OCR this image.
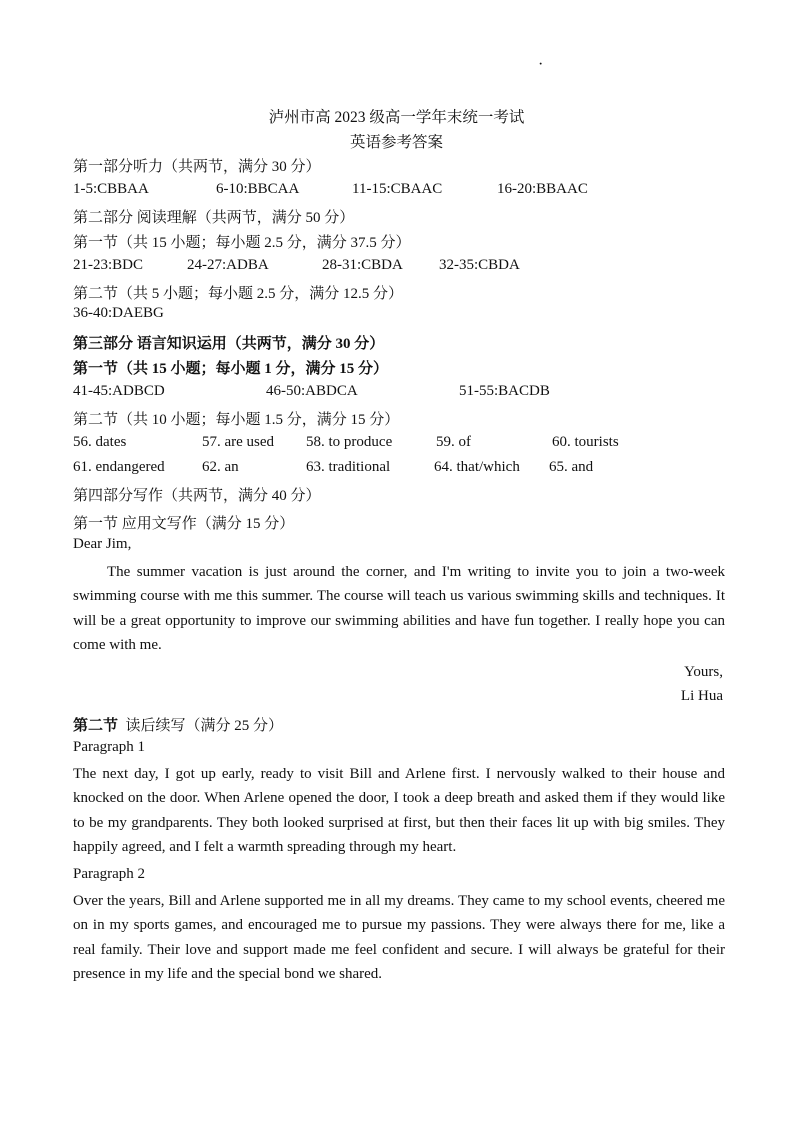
·
泸州市高 2023 级高一学年末统一考试
英语参考答案
第一部分听力（共两节，满分 30 分）
1-5:CBBAA	6-10:BBCAA	11-15:CBAAC	16-20:BBAAC
第二部分 阅读理解（共两节，满分 50 分）
第一节（共 15 小题；每小题 2.5 分，满分 37.5 分）
21-23:BDC	24-27:ADBA	28-31:CBDA 32-35:CBDA
第二节（共 5 小题；每小题 2.5 分，满分 12.5 分）
36-40:DAEBG
第三部分 语言知识运用（共两节，满分 30 分）
第一节（共 15 小题；每小题 1 分，满分 15 分）
41-45:ADBCD	46-50:ABDCA	51-55:BACDB
第二节（共 10 小题；每小题 1.5 分，满分 15 分）
56. dates	57. are used 58. to produce	59. of	60. tourists
61. endangered 62. an	63. traditional	64. that/which 65. and
第四部分写作（共两节，满分 40 分）
第一节 应用文写作（满分 15 分）
Dear Jim,
The summer vacation is just around the corner, and I'm writing to invite you to join a two-week swimming course with me this summer. The course will teach us various swimming skills and techniques. It will be a great opportunity to improve our swimming abilities and have fun together. I really hope you can come with me.
Yours,
Li Hua
第二节 读后续写（满分 25 分）
Paragraph 1
The next day, I got up early, ready to visit Bill and Arlene first. I nervously walked to their house and knocked on the door. When Arlene opened the door, I took a deep breath and asked them if they would like to be my grandparents. They both looked surprised at first, but then their faces lit up with big smiles. They happily agreed, and I felt a warmth spreading through my heart.
Paragraph 2
Over the years, Bill and Arlene supported me in all my dreams. They came to my school events, cheered me on in my sports games, and encouraged me to pursue my passions. They were always there for me, like a real family. Their love and support made me feel confident and secure. I will always be grateful for their presence in my life and the special bond we shared.
